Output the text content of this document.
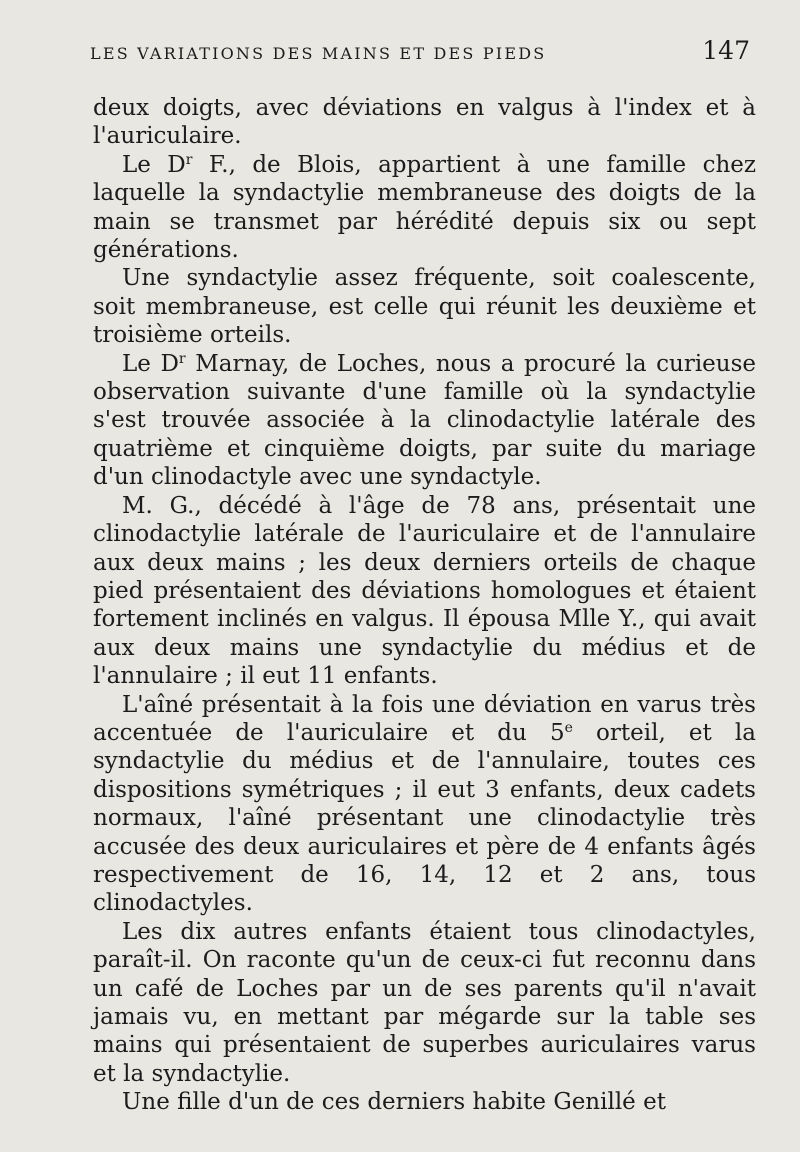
LES VARIATIONS DES MAINS ET DES PIEDS	147

deux doigts, avec déviations en valgus à l'index et à l'auriculaire.

Le $D^r$ F., de Blois, appartient à une famille chez laquelle la syndactylie membraneuse des doigts de la main se transmet par hérédité depuis six ou sept générations.

Une syndactylie assez fréquente, soit coalescente, soit membraneuse, est celle qui réunit les deuxième et troisième orteils.

Le $D^r$ Marnay, de Loches, nous a procuré la curieuse observation suivante d'une famille où la syndactylie s'est trouvée associée à la clinodactylie latérale des quatrième et cinquième doigts, par suite du mariage d'un clinodactyle avec une syndactyle.

M. G., décédé à l'âge de 78 ans, présentait une clinodactylie latérale de l'auriculaire et de l'annulaire aux deux mains ; les deux derniers orteils de chaque pied présentaient des déviations homologues et étaient fortement inclinés en valgus. Il épousa Mlle Y., qui avait aux deux mains une syndactylie du médius et de l'annulaire ; il eut 11 enfants.

L'aîné présentait à la fois une déviation en varus très accentuée de l'auriculaire et du 5e orteil, et la syndactylie du médius et de l'annulaire, toutes ces dispositions symétriques ; il eut 3 enfants, deux cadets normaux, l'aîné présentant une clinodactylie très accusée des deux auriculaires et père de 4 enfants âgés respectivement de 16, 14, 12 et 2 ans, tous clinodactyles.

Les dix autres enfants étaient tous clinodactyles, paraît-il. On raconte qu'un de ceux-ci fut reconnu dans un café de Loches par un de ses parents qu'il n'avait jamais vu, en mettant par mégarde sur la table ses mains qui présentaient de superbes auriculaires varus et la syndactylie.

Une fille d'un de ces derniers habite Genillé et
